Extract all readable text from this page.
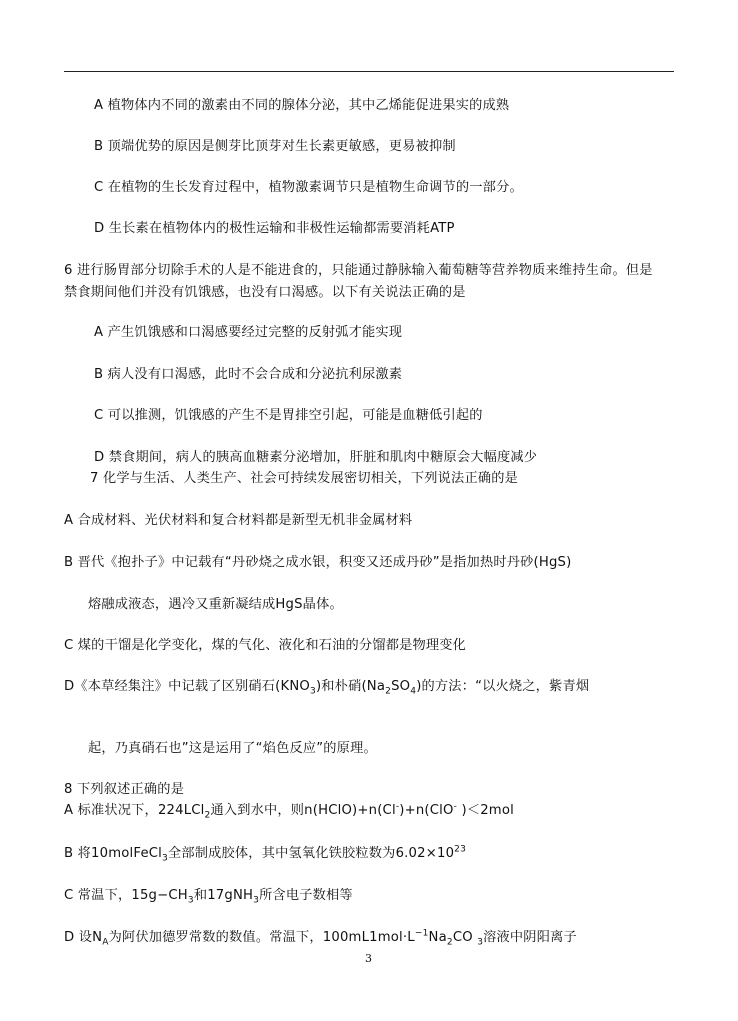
A 植物体内不同的激素由不同的腺体分泌，其中乙烯能促进果实的成熟
B 顶端优势的原因是侧芽比顶芽对生长素更敏感，更易被抑制
C 在植物的生长发育过程中，植物激素调节只是植物生命调节的一部分。
D 生长素在植物体内的极性运输和非极性运输都需要消耗ATP
6 进行肠胃部分切除手术的人是不能进食的，只能通过静脉输入葡萄糖等营养物质来维持生命。但是
禁食期间他们并没有饥饿感，也没有口渴感。以下有关说法正确的是
A 产生饥饿感和口渴感要经过完整的反射弧才能实现
B 病人没有口渴感，此时不会合成和分泌抗利尿激素
C 可以推测，饥饿感的产生不是胃排空引起，可能是血糖低引起的
D 禁食期间，病人的胰高血糖素分泌增加，肝脏和肌肉中糖原会大幅度减少
7 化学与生活、人类生产、社会可持续发展密切相关，下列说法正确的是
A 合成材料、光伏材料和复合材料都是新型无机非金属材料
B 晋代《抱扑子》中记载有“丹砂烧之成水银，积变又还成丹砂”是指加热时丹砂(HgS)
熔融成液态，遇冷又重新凝结成HgS晶体。
C 煤的干馏是化学变化，煤的气化、液化和石油的分馏都是物理变化
D《本草经集注》中记载了区别硝石$(KNO_3)$和朴硝$(Na_2SO_4)$的方法：“以火烧之，紫青烟
起，乃真硝石也”这是运用了“焰色反应”的原理。
8 下列叙述正确的是
A 标准状况下，224LCl$_2$通入到水中，则n(HClO)+n(Cl-)+n(ClO- )＜2mol
B 将10molFeCl$_3$全部制成胶体，其中氢氧化铁胶粒数为$6.02\times 10^{23}$
C 常温下，$15g-CH_3$和17gNH$_3$所含电子数相等
D 设$N_A$为阿伏加德罗常数的数值。常温下，$100mL1mol\cdot L^{-1}Na_2CO$ $_3$溶液中阴阳离子
3
